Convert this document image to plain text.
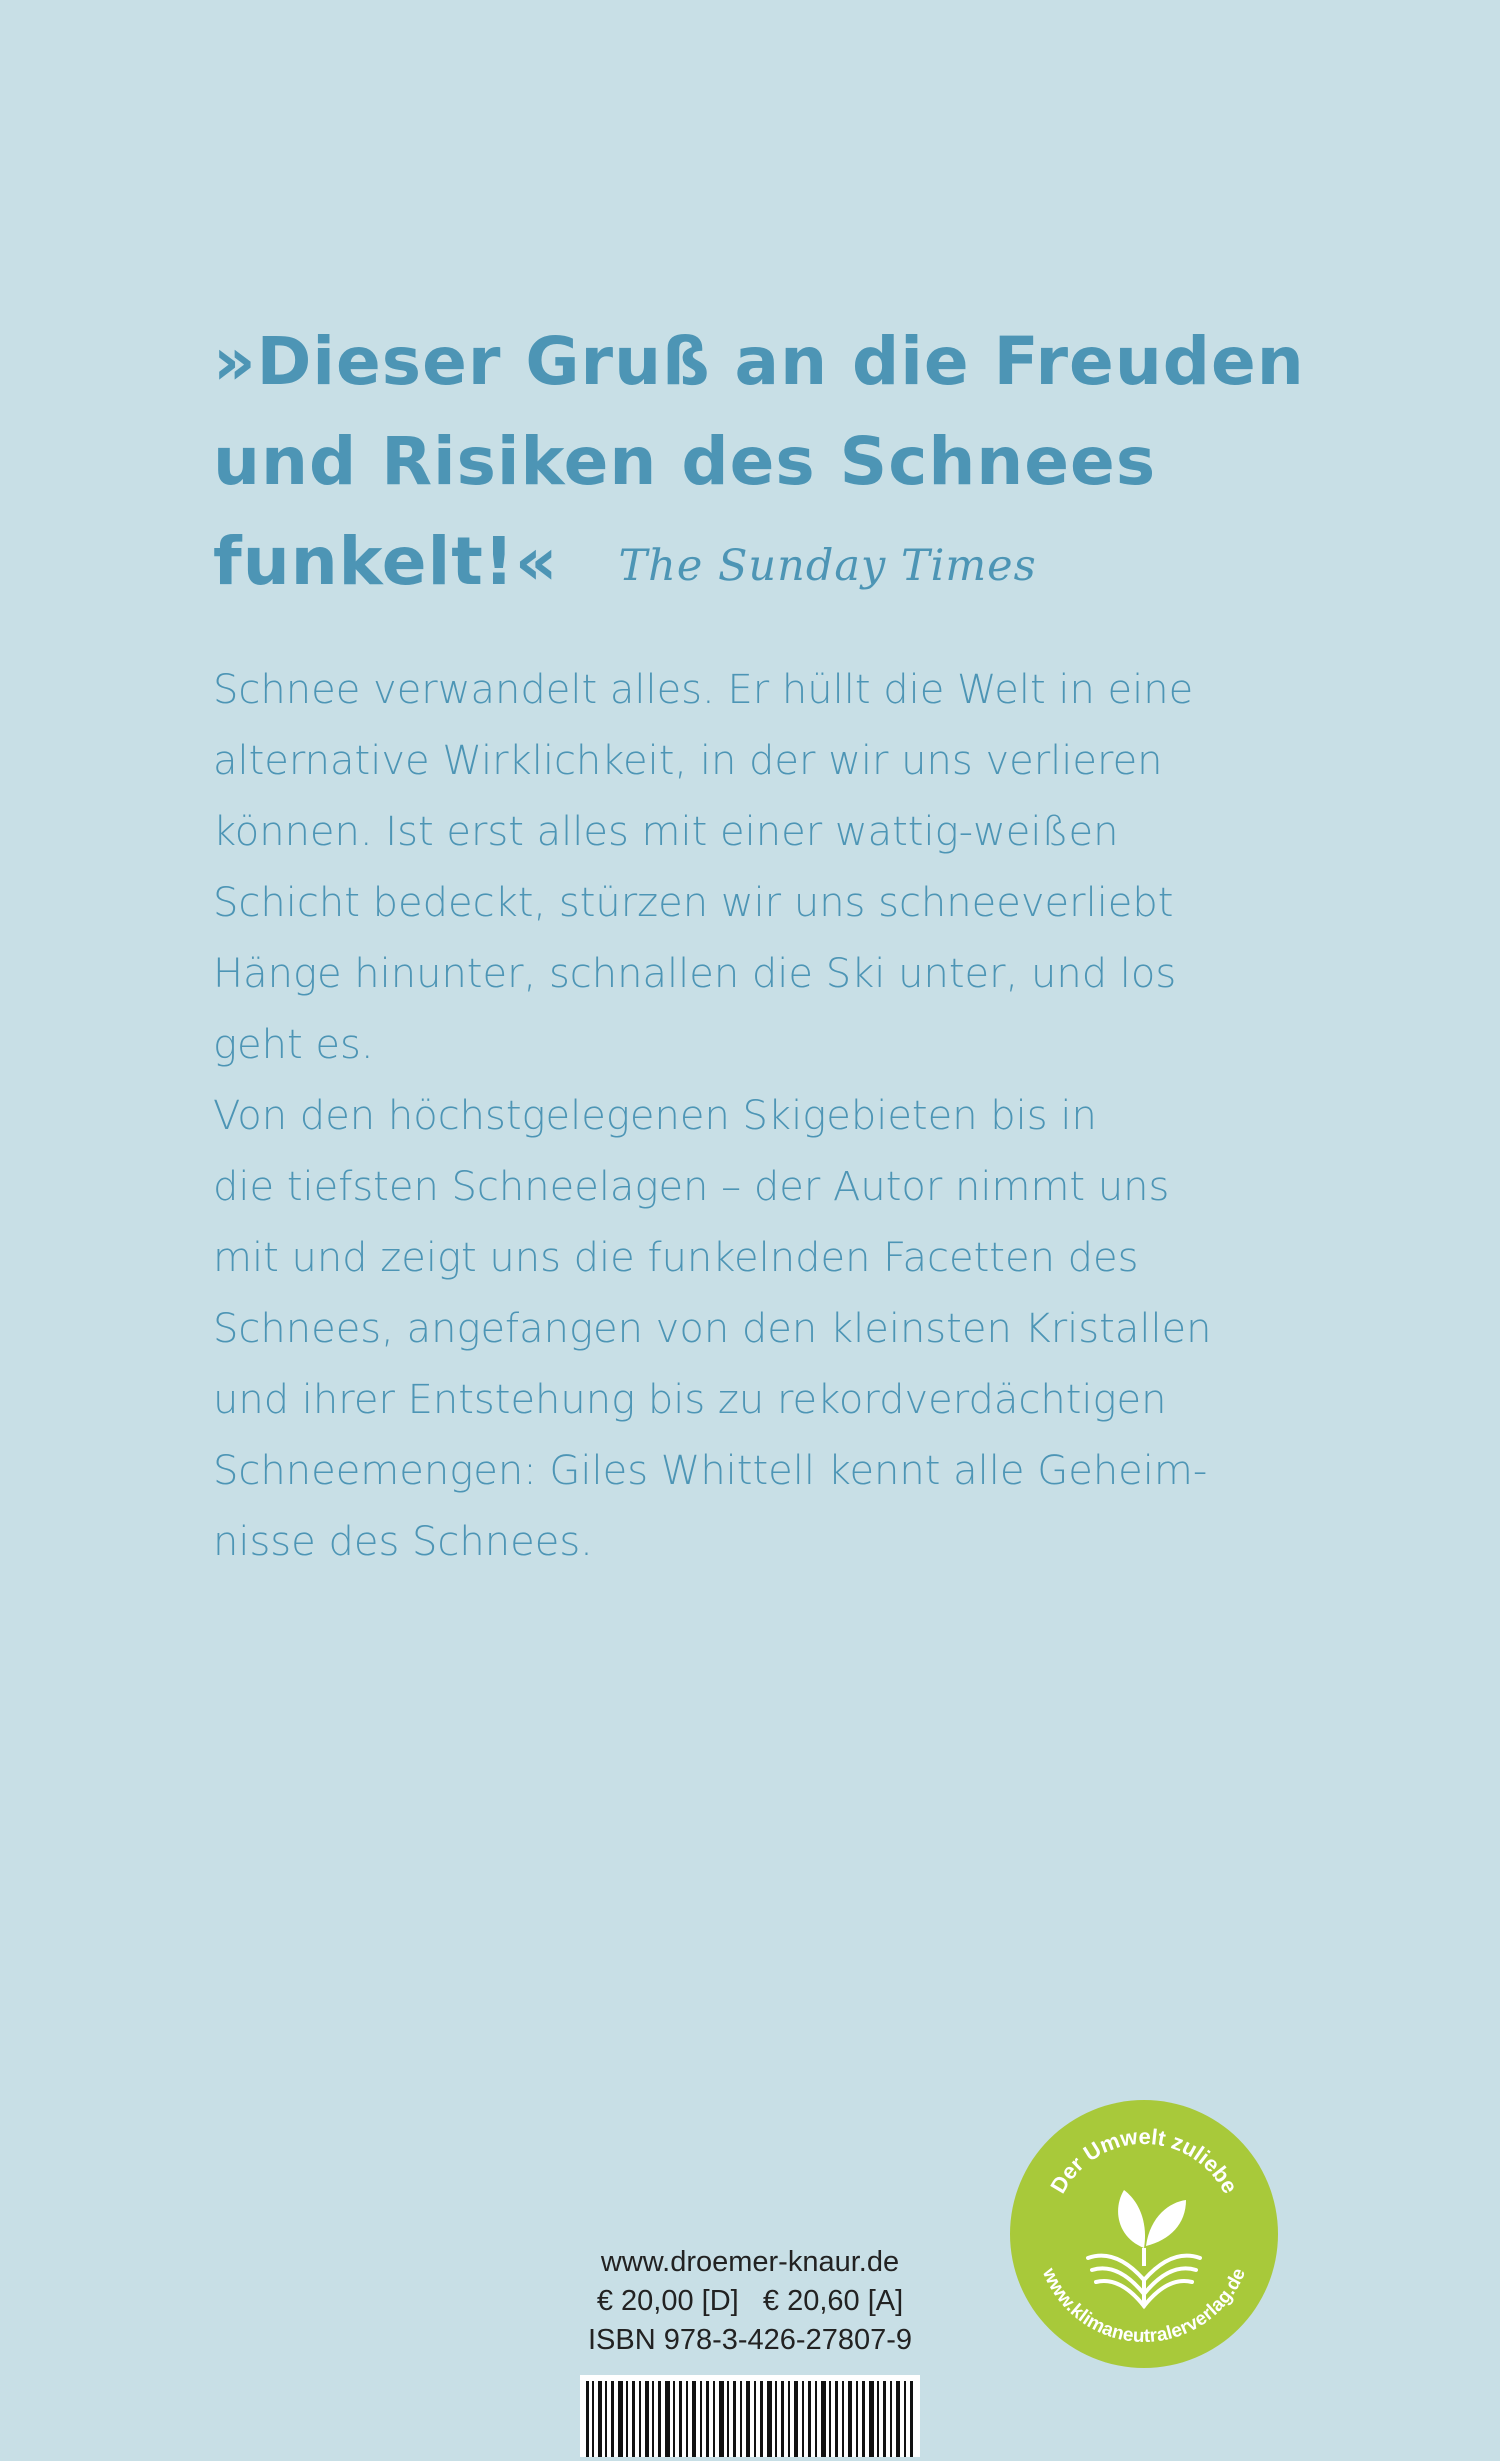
»Dieser Gruß an die Freuden
und Risiken des Schnees
funkelt!« The Sunday Times
Schnee verwandelt alles. Er hüllt die Welt in eine
alternative Wirklichkeit, in der wir uns verlieren
können. Ist erst alles mit einer wattig-weißen
Schicht bedeckt, stürzen wir uns schneeverliebt
Hänge hinunter, schnallen die Ski unter, und los
geht es.
Von den höchstgelegenen Skigebieten bis in
die tiefsten Schneelagen – der Autor nimmt uns
mit und zeigt uns die funkelnden Facetten des
Schnees, angefangen von den kleinsten Kristallen
und ihrer Entstehung bis zu rekordverdächtigen
Schneemengen: Giles Whittell kennt alle Geheim-
nisse des Schnees.
www.droemer-knaur.de
€ 20,00 [D]   € 20,60 [A]
ISBN 978-3-426-27807-9
Der Umwelt zuliebe
www.klimaneutralerverlag.de
